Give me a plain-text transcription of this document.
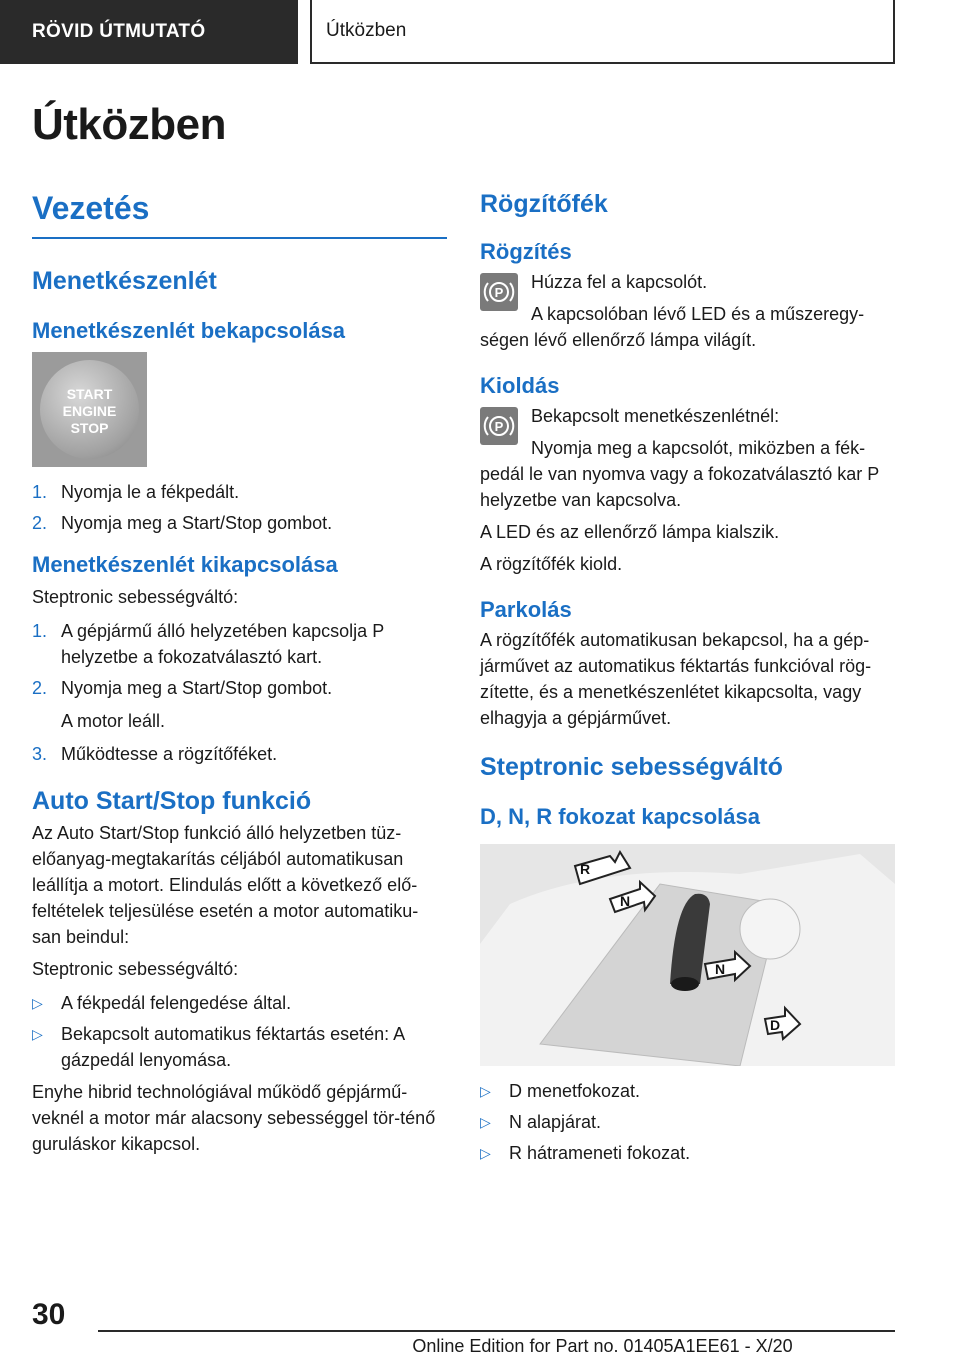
RÖVID ÚTMUTATÓ	Útközben
Útközben
Vezetés
Menetkészenlét
Menetkészenlét bekapcsolása
START
ENGINE
STOP
1. Nyomja le a fékpedált.
2. Nyomja meg a Start/Stop gombot.
Menetkészenlét kikapcsolása

Steptronic sebességváltó:

1. A gépjármű álló helyzetében kapcsolja P helyzetbe a fokozatválasztó kart.
2. Nyomja meg a Start/Stop gombot.
A motor leáll.
3. Működtesse a rögzítőféket.
Auto Start/Stop funkció

Az Auto Start/Stop funkció álló helyzetben tüz-előanyag-megtakarítás céljából automatikusan leállítja a motort. Elindulás előtt a következő elő-feltételek teljesülése esetén a motor automatiku-san beindul:

Steptronic sebességváltó:

▷ A fékpedál felengedése által.
▷ Bekapcsolt automatikus féktartás esetén: A gázpedál lenyomása.

Enyhe hibrid technológiával működő gépjármű-veknél a motor már alacsony sebességgel tör-ténő guruláskor kikapcsol.

Rögzítőfék
Rögzítés
P

Húzza fel a kapcsolót.

A kapcsolóban lévő LED és a műszeregy-ségen lévő ellenőrző lámpa világít.

Kioldás
P

Bekapcsolt menetkészenlétnél:

Nyomja meg a kapcsolót, miközben a fék-pedál le van nyomva vagy a fokozatválasztó kar P helyzetbe van kapcsolva.

A LED és az ellenőrző lámpa kialszik.

A rögzítőfék kiold.

Parkolás

A rögzítőfék automatikusan bekapcsol, ha a gép-járművet az automatikus féktartás funkcióval rög-zítette, és a menetkészenlétet kikapcsolta, vagy elhagyja a gépjárművet.

Steptronic sebességváltó
D, N, R fokozat kapcsolása
R
N
N
D
▷ D menetfokozat.
▷ N alapjárat.
▷ R hátrameneti fokozat.
30
Online Edition for Part no. 01405A1EE61 - X/20
